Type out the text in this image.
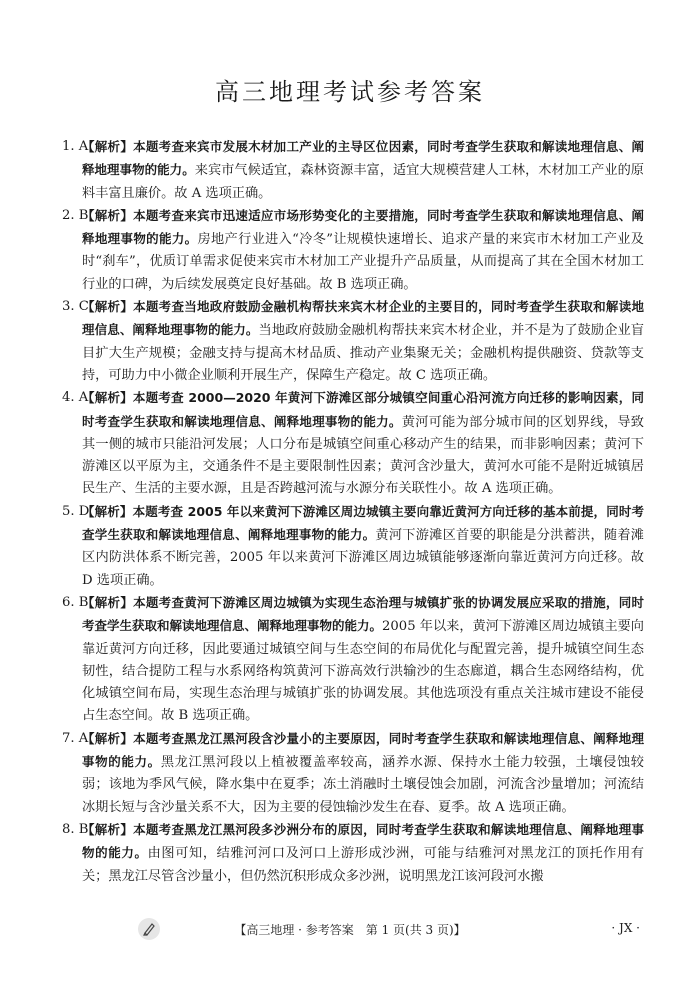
高三地理考试参考答案
1. A
【解析】本题考查来宾市发展木材加工产业的主导区位因素，同时考查学生获取和解读地理信息、阐释地理事物的能力。来宾市气候适宜，森林资源丰富，适宜大规模营建人工林，木材加工产业的原料丰富且廉价。故 A 选项正确。
2. B
【解析】本题考查来宾市迅速适应市场形势变化的主要措施，同时考查学生获取和解读地理信息、阐释地理事物的能力。房地产行业进入“冷冬”让规模快速增长、追求产量的来宾市木材加工产业及时“刹车”，优质订单需求促使来宾市木材加工产业提升产品质量，从而提高了其在全国木材加工行业的口碑，为后续发展奠定良好基础。故 B 选项正确。
3. C
【解析】本题考查当地政府鼓励金融机构帮扶来宾木材企业的主要目的，同时考查学生获取和解读地理信息、阐释地理事物的能力。当地政府鼓励金融机构帮扶来宾木材企业，并不是为了鼓励企业盲目扩大生产规模；金融支持与提高木材品质、推动产业集聚无关；金融机构提供融资、贷款等支持，可助力中小微企业顺利开展生产，保障生产稳定。故 C 选项正确。
4. A
【解析】本题考查 2000—2020 年黄河下游滩区部分城镇空间重心沿河流方向迁移的影响因素，同时考查学生获取和解读地理信息、阐释地理事物的能力。黄河可能为部分城市间的区划界线，导致其一侧的城市只能沿河发展；人口分布是城镇空间重心移动产生的结果，而非影响因素；黄河下游滩区以平原为主，交通条件不是主要限制性因素；黄河含沙量大，黄河水可能不是附近城镇居民生产、生活的主要水源，且是否跨越河流与水源分布关联性小。故 A 选项正确。
5. D
【解析】本题考查 2005 年以来黄河下游滩区周边城镇主要向靠近黄河方向迁移的基本前提，同时考查学生获取和解读地理信息、阐释地理事物的能力。黄河下游滩区首要的职能是分洪蓄洪，随着滩区内防洪体系不断完善，2005 年以来黄河下游滩区周边城镇能够逐渐向靠近黄河方向迁移。故 D 选项正确。
6. B
【解析】本题考查黄河下游滩区周边城镇为实现生态治理与城镇扩张的协调发展应采取的措施，同时考查学生获取和解读地理信息、阐释地理事物的能力。2005 年以来，黄河下游滩区周边城镇主要向靠近黄河方向迁移，因此要通过城镇空间与生态空间的布局优化与配置完善，提升城镇空间生态韧性，结合提防工程与水系网络构筑黄河下游高效行洪输沙的生态廊道，耦合生态网络结构，优化城镇空间布局，实现生态治理与城镇扩张的协调发展。其他选项没有重点关注城市建设不能侵占生态空间。故 B 选项正确。
7. A
【解析】本题考查黑龙江黑河段含沙量小的主要原因，同时考查学生获取和解读地理信息、阐释地理事物的能力。黑龙江黑河段以上植被覆盖率较高，涵养水源、保持水土能力较强，土壤侵蚀较弱；该地为季风气候，降水集中在夏季；冻土消融时土壤侵蚀会加剧，河流含沙量增加；河流结冰期长短与含沙量关系不大，因为主要的侵蚀输沙发生在春、夏季。故 A 选项正确。
8. B
【解析】本题考查黑龙江黑河段多沙洲分布的原因，同时考查学生获取和解读地理信息、阐释地理事物的能力。由图可知，结雅河河口及河口上游形成沙洲，可能与结雅河对黑龙江的顶托作用有关；黑龙江尽管含沙量小，但仍然沉积形成众多沙洲，说明黑龙江该河段河水搬
【高三地理 · 参考答案　第 1 页(共 3 页)】	· JX ·
